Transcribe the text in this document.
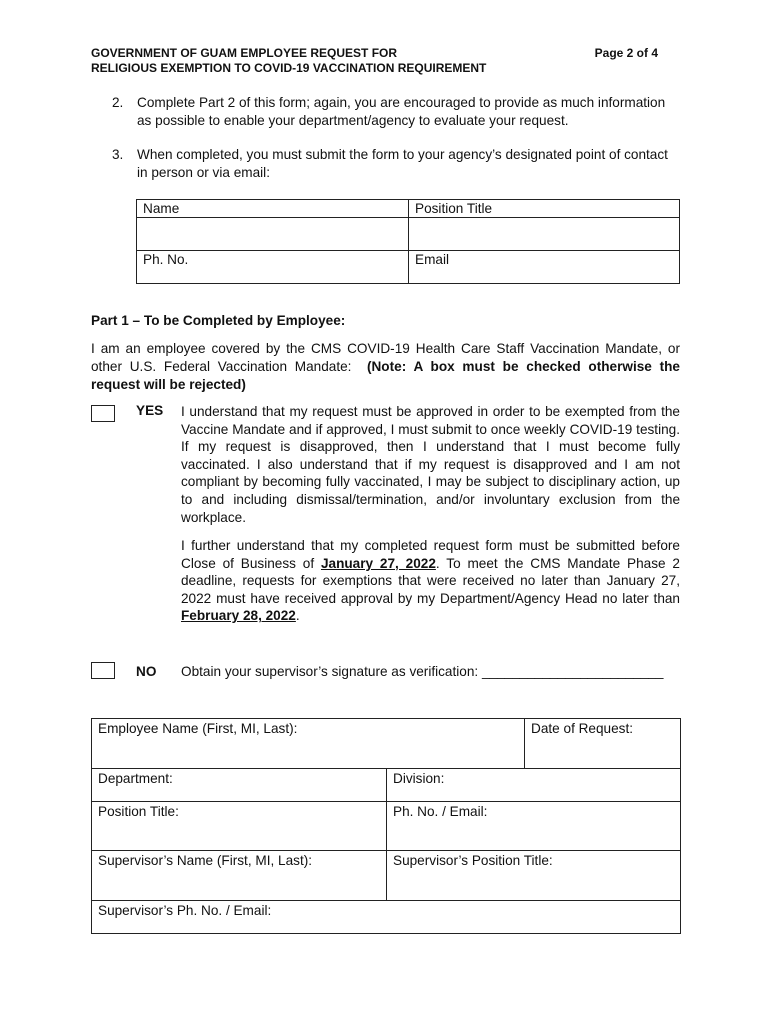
GOVERNMENT OF GUAM EMPLOYEE REQUEST FOR
RELIGIOUS EXEMPTION TO COVID-19 VACCINATION REQUIREMENT
Page 2 of 4
2. Complete Part 2 of this form; again, you are encouraged to provide as much information as possible to enable your department/agency to evaluate your request.
3. When completed, you must submit the form to your agency’s designated point of contact in person or via email:
Name	Position Title

Ph. No.	Email
Part 1 – To be Completed by Employee:
I am an employee covered by the CMS COVID-19 Health Care Staff Vaccination Mandate, or other U.S. Federal Vaccination Mandate: (Note: A box must be checked otherwise the request will be rejected)
YES I understand that my request must be approved in order to be exempted from the Vaccine Mandate and if approved, I must submit to once weekly COVID-19 testing. If my request is disapproved, then I understand that I must become fully vaccinated. I also understand that if my request is disapproved and I am not compliant by becoming fully vaccinated, I may be subject to disciplinary action, up to and including dismissal/termination, and/or involuntary exclusion from the workplace.
I further understand that my completed request form must be submitted before Close of Business of January 27, 2022. To meet the CMS Mandate Phase 2 deadline, requests for exemptions that were received no later than January 27, 2022 must have received approval by my Department/Agency Head no later than February 28, 2022.
NO Obtain your supervisor’s signature as verification: ________________________
Employee Name (First, MI, Last):		Date of Request:
Department:	Division:	
Position Title:	Ph. No. / Email:	
Supervisor’s Name (First, MI, Last):	Supervisor’s Position Title:	
Supervisor’s Ph. No. / Email:		
